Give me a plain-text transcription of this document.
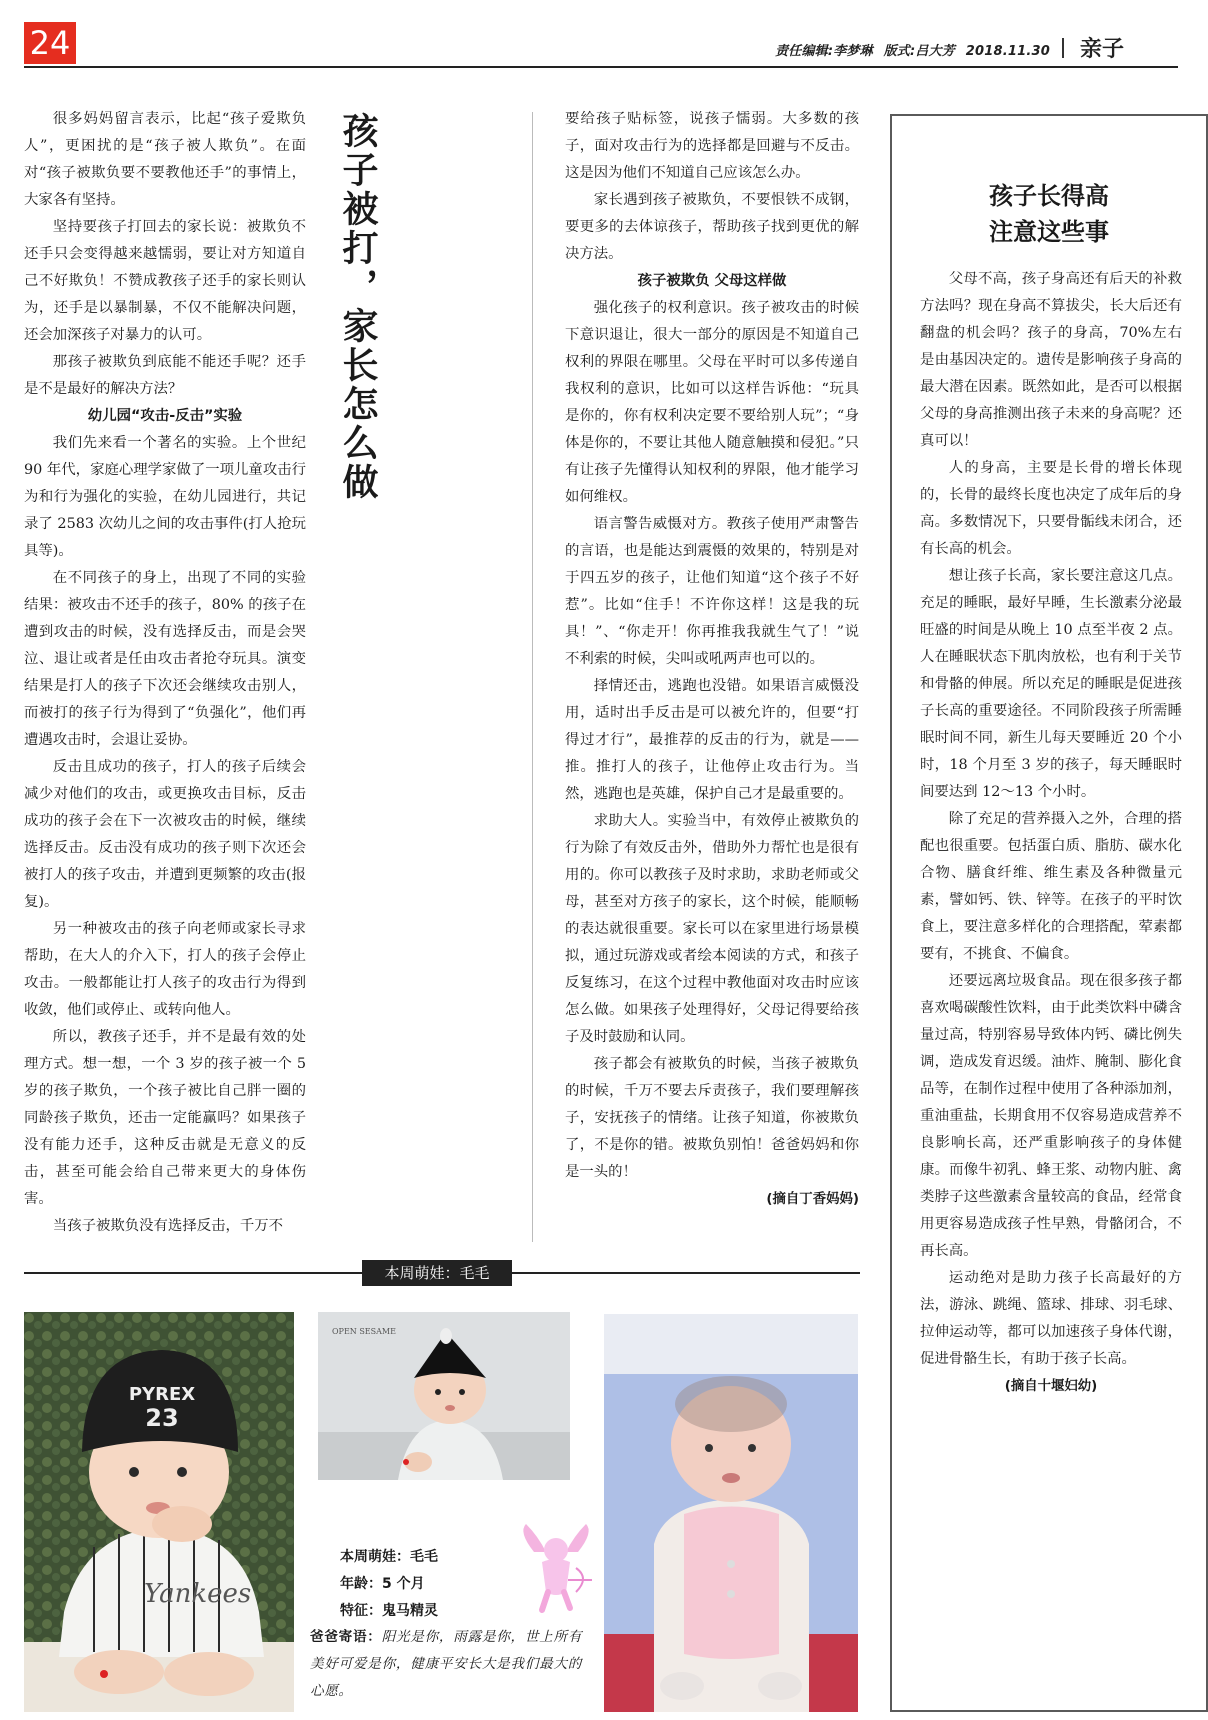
24	责任编辑:李梦琳 版式:吕大芳 2018.11.30 亲子

很多妈妈留言表示，比起“孩子爱欺负人”，更困扰的是“孩子被人欺负”。在面对“孩子被欺负要不要教他还手”的事情上，大家各有坚持。

坚持要孩子打回去的家长说：被欺负不还手只会变得越来越懦弱，要让对方知道自己不好欺负！不赞成教孩子还手的家长则认为，还手是以暴制暴，不仅不能解决问题，还会加深孩子对暴力的认可。

那孩子被欺负到底能不能还手呢？还手是不是最好的解决方法？

幼儿园“攻击-反击”实验

我们先来看一个著名的实验。上个世纪 90 年代，家庭心理学家做了一项儿童攻击行为和行为强化的实验，在幼儿园进行，共记录了 2583 次幼儿之间的攻击事件(打人抢玩具等)。

在不同孩子的身上，出现了不同的实验结果：被攻击不还手的孩子，80% 的孩子在遭到攻击的时候，没有选择反击，而是会哭泣、退让或者是任由攻击者抢夺玩具。演变结果是打人的孩子下次还会继续攻击别人，而被打的孩子行为得到了“负强化”，他们再遭遇攻击时，会退让妥协。

反击且成功的孩子，打人的孩子后续会减少对他们的攻击，或更换攻击目标，反击成功的孩子会在下一次被攻击的时候，继续选择反击。反击没有成功的孩子则下次还会被打人的孩子攻击，并遭到更频繁的攻击(报复)。

另一种被攻击的孩子向老师或家长寻求帮助，在大人的介入下，打人的孩子会停止攻击。一般都能让打人孩子的攻击行为得到收敛，他们或停止、或转向他人。

所以，教孩子还手，并不是最有效的处理方式。想一想，一个 3 岁的孩子被一个 5 岁的孩子欺负，一个孩子被比自己胖一圈的同龄孩子欺负，还击一定能赢吗？如果孩子没有能力还手，这种反击就是无意义的反击，甚至可能会给自己带来更大的身体伤害。

当孩子被欺负没有选择反击，千万不

孩子被打，家长怎么做	要给孩子贴标签，说孩子懦弱。大多数的孩子，面对攻击行为的选择都是回避与不反击。这是因为他们不知道自己应该怎么办。

家长遇到孩子被欺负，不要恨铁不成钢，要更多的去体谅孩子，帮助孩子找到更优的解决方法。

孩子被欺负 父母这样做

强化孩子的权利意识。孩子被攻击的时候下意识退让，很大一部分的原因是不知道自己权利的界限在哪里。父母在平时可以多传递自我权利的意识，比如可以这样告诉他：“玩具是你的，你有权利决定要不要给别人玩”；“身体是你的，不要让其他人随意触摸和侵犯。”只有让孩子先懂得认知权利的界限，他才能学习如何维权。

语言警告威慑对方。教孩子使用严肃警告的言语，也是能达到震慑的效果的，特别是对于四五岁的孩子，让他们知道“这个孩子不好惹”。比如“住手！不许你这样！这是我的玩具！”、“你走开！你再推我我就生气了！”说不利索的时候，尖叫或吼两声也可以的。

择情还击，逃跑也没错。如果语言威慑没用，适时出手反击是可以被允许的，但要“打得过才行”，最推荐的反击的行为，就是——推。推打人的孩子，让他停止攻击行为。当然，逃跑也是英雄，保护自己才是最重要的。

求助大人。实验当中，有效停止被欺负的行为除了有效反击外，借助外力帮忙也是很有用的。你可以教孩子及时求助，求助老师或父母，甚至对方孩子的家长，这个时候，能顺畅的表达就很重要。家长可以在家里进行场景模拟，通过玩游戏或者绘本阅读的方式，和孩子反复练习，在这个过程中教他面对攻击时应该怎么做。如果孩子处理得好，父母记得要给孩子及时鼓励和认同。

孩子都会有被欺负的时候，当孩子被欺负的时候，千万不要去斥责孩子，我们要理解孩子，安抚孩子的情绪。让孩子知道，你被欺负了，不是你的错。被欺负别怕！爸爸妈妈和你是一头的！

(摘自丁香妈妈)
孩子长得高
注意这些事

父母不高，孩子身高还有后天的补救方法吗？现在身高不算拔尖，长大后还有翻盘的机会吗？孩子的身高，70%左右是由基因决定的。遗传是影响孩子身高的最大潜在因素。既然如此，是否可以根据父母的身高推测出孩子未来的身高呢？还真可以！

人的身高，主要是长骨的增长体现的，长骨的最终长度也决定了成年后的身高。多数情况下，只要骨骺线未闭合，还有长高的机会。

想让孩子长高，家长要注意这几点。充足的睡眠，最好早睡，生长激素分泌最旺盛的时间是从晚上 10 点至半夜 2 点。人在睡眠状态下肌肉放松，也有利于关节和骨骼的伸展。所以充足的睡眠是促进孩子长高的重要途径。不同阶段孩子所需睡眠时间不同，新生儿每天要睡近 20 个小时，18 个月至 3 岁的孩子，每天睡眠时间要达到 12～13 个小时。

除了充足的营养摄入之外，合理的搭配也很重要。包括蛋白质、脂肪、碳水化合物、膳食纤维、维生素及各种微量元素，譬如钙、铁、锌等。在孩子的平时饮食上，要注意多样化的合理搭配，荤素都要有，不挑食、不偏食。

还要远离垃圾食品。现在很多孩子都喜欢喝碳酸性饮料，由于此类饮料中磷含量过高，特别容易导致体内钙、磷比例失调，造成发育迟缓。油炸、腌制、膨化食品等，在制作过程中使用了各种添加剂，重油重盐，长期食用不仅容易造成营养不良影响长高，还严重影响孩子的身体健康。而像牛初乳、蜂王浆、动物内脏、禽类脖子这些激素含量较高的食品，经常食用更容易造成孩子性早熟，骨骼闭合，不再长高。

运动绝对是助力孩子长高最好的方法，游泳、跳绳、篮球、排球、羽毛球、拉伸运动等，都可以加速孩子身体代谢，促进骨骼生长，有助于孩子长高。

(摘自十堰妇幼)
本周萌娃：毛毛
Yankees
PYREX
23
OPEN SESAME
本周萌娃：毛毛
年龄：5 个月
特征：鬼马精灵
爸爸寄语：阳光是你，雨露是你，世上所有美好可爱是你，健康平安长大是我们最大的心愿。
